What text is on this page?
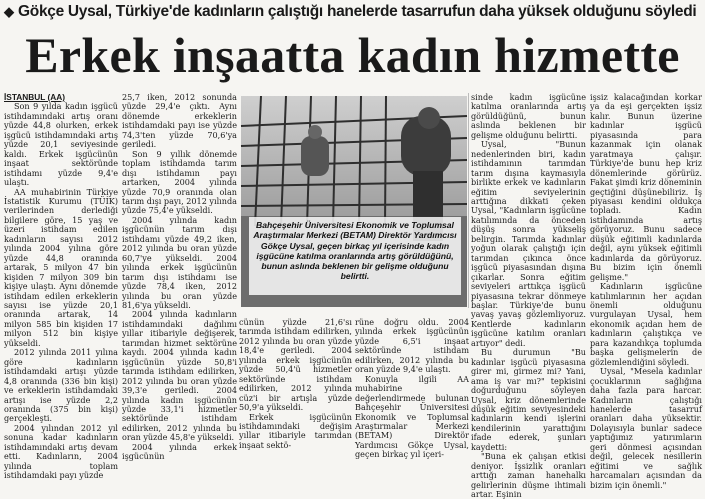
◆ Gökçe Uysal, Türkiye'de kadınların çalıştığı hanelerde tasarrufun daha yüksek olduğunu söyledi
Erkek inşaatta kadın hizmette

İSTANBUL (AA)

Son 9 yılda kadın işgücü istihdamındaki artış oranı yüzde 44,8 olurken, erkek işgücü istihdamındaki artış yüzde 20,1 seviyesinde kaldı. Erkek işgücünün inşaat sektöründe istihdamı yüzde 9,4'e ulaştı.

AA muhabirinin Türkiye İstatistik Kurumu (TÜİK) verilerinden derlediği bilgilere göre, 15 yaş ve üzeri istihdam edilen kadınların sayısı 2012 yılında 2004 yılına göre yüzde 44,8 oranında artarak, 5 milyon 47 bin kişiden 7 milyon 309 bin kişiye ulaştı. Aynı dönemde istihdam edilen erkeklerin sayısı ise yüzde 20,1 oranında artarak, 14 milyon 585 bin kişiden 17 milyon 512 bin kişiye yükseldi.

2012 yılında 2011 yılına göre kadınların istihdamdaki artışı yüzde 4,8 oranında (336 bin kişi) ve erkeklerin istihdamdaki artışı ise yüzde 2,2 oranında (375 bin kişi) gerçekleşti.

2004 yılından 2012 yıl sonuna kadar kadınların istihdamındaki artış devam etti. Kadınların, 2004 yılında toplam istihdamdaki payı yüzde

25,7 iken, 2012 sonunda yüzde 29,4'e çıktı. Aynı dönemde erkeklerin istihdamdaki payı ise yüzde 74,3'ten yüzde 70,6'ya geriledi.

Son 9 yıllık dönemde toplam istihdamda tarım dışı istihdamın payı artarken, 2004 yılında yüzde 70,9 oranında olan tarım dışı payı, 2012 yılında yüzde 75,4'e yükseldi.

2004 yılında kadın işgücünün tarım dışı istihdamı yüzde 49,2 iken, 2012 yılında bu oran yüzde 60,7'ye yükseldi. 2004 yılında erkek işgücünün tarım dışı istihdamı ise yüzde 78,4 iken, 2012 yılında bu oran yüzde 81,6'ya yükseldi.

2004 yılında kadınların istihdamındaki dağılımı yıllar itibariyle değişerek, tarımdan hizmet sektörüne kaydı. 2004 yılında kadın işgücünün yüzde 50,8'i tarımda istihdam edilirken, 2012 yılında bu oran yüzde 39,3'e geriledi. 2004 yılında kadın işgücünün yüzde 33,1'i hizmetler sektöründe istihdam edilirken, 2012 yılında bu oran yüzde 45,8'e yükseldi.

2004 yılında erkek işgücünün

Bahçeşehir Üniversitesi Ekonomik ve Toplumsal Araştırmalar Merkezi (BETAM) Direktör Yardımcısı Gökçe Uysal, geçen birkaç yıl içerisinde kadın işgücüne katılma oranlarında artış görüldüğünü, bunun aslında beklenen bir gelişme olduğunu belirtti.

cünün yüzde 21,6'sı tarımda istihdam edilirken, 2012 yılında bu oran yüzde 18,4'e geriledi. 2004 yılında erkek işgücünün yüzde 50,4'ü hizmetler sektöründe istihdam edilirken, 2012 yılında cüz'i bir artışla yüzde 50,9'a yükseldi.

Erkek işgücünün istihdamındaki değişim yıllar itibariyle tarımdan inşaat sektö-

rüne doğru oldu. 2004 yılında erkek işgücünün yüzde 6,5'i inşaat sektöründe istihdam edilirken, 2012 yılında bu oran yüzde 9,4'e ulaştı.

Konuyla ilgili AA muhabirine değerlendirmede bulunan Bahçeşehir Üniversitesi Ekonomik ve Toplumsal Araştırmalar Merkezi (BETAM) Direktör Yardımcısı Gökçe Uysal, geçen birkaç yıl içeri-

sinde kadın işgücüne katılma oranlarında artış görüldüğünü, bunun aslında beklenen bir gelişme olduğunu belirtti.

Uysal, "Bunun nedenlerinden biri, kadın istihdamının tarımdan tarım dışına kaymasıyla birlikte erkek ve kadınların eğitim seviyelerinin arttığına dikkati çeken Uysal, "Kadınların işgücüne katılımında da önceden düşüş sonra yükseliş belirgin. Tarımda kadınlar yoğun olarak çalıştığı için tarımdan çıkınca önce işgücü piyasasından dışına çıkarlar. Sonra eğitim seviyeleri arttıkça işgücü piyasasına tekrar dönmeye başlar. Türkiye'de bunu yavaş yavaş gözlemliyoruz. Kentlerde kadınların işgücüne katılım oranları artıyor" dedi.

Bu durumun "Bu kadınlar işgücü piyasasına girer mi, girmez mi? Yani, ama iş var mı?" tepkisini doğurduğunu söyleyen Uysal, kriz dönemlerinde düşük eğitim seviyesindeki kadınların kendi işlerini kendilerinin yarattığını ifade ederek, şunları kaydetti:

"Buna ek çalışan etkisi deniyor. İşsizlik oranları arttığı zaman hanehalkı gelirlerinin düşme ihtimali artar. Eşinin

işsiz kalacağından korkar ya da eşi gerçekten işsiz kalır. Bunun üzerine kadınlar işgücü piyasasında para kazanmak için olanak yaratmaya çalışır. Türkiye'de bunu hep kriz dönemlerinde görürüz. Fakat şimdi kriz döneminin geçtiğini düşünebiliriz. İş piyasası kendini oldukça topladı. Kadın istihdamında artış görüyoruz. Bunu sadece düşük eğitimli kadınlarda değil, aynı yüksek eğitimli kadınlarda da görüyoruz. Bu bizim için önemli gelişme."

Kadınların işgücüne katılımlarının her açıdan önemli olduğunu vurgulayan Uysal, hem ekonomik açıdan hem de kadınların çalıştıkça ve para kazandıkça toplumda başka gelişmelerin de gözlemlendiğini söyledi.

Uysal, "Mesela kadınlar çocuklarının sağlığına daha fazla para harcar. Kadınların çalıştığı hanelerde tasarruf oranları daha yüksektir. Dolayısıyla bunlar sadece yaptığımız yatırımların geri dönmesi açısından değil, gelecek nesillerin eğitimi ve sağlık harcamaları açısından da bizim için önemli."
